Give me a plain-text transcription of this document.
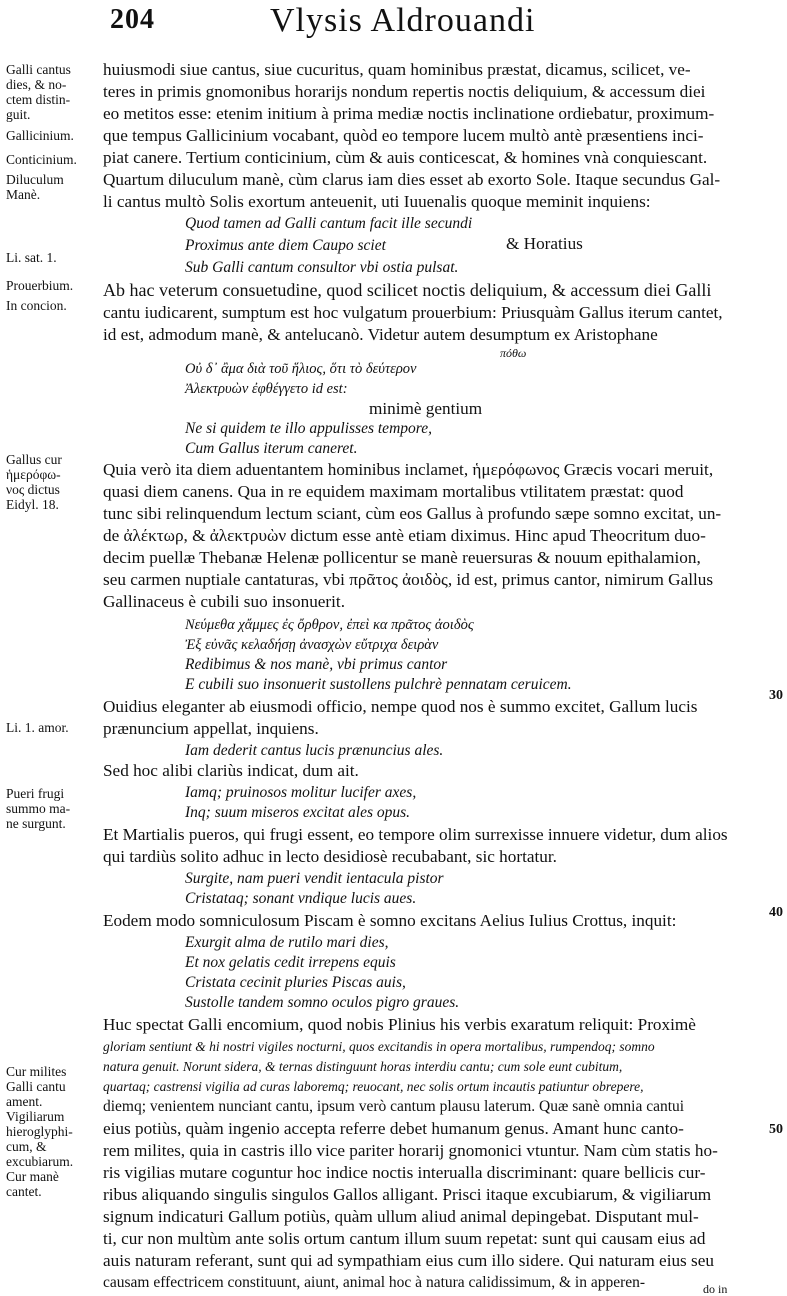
204	Vlysis Aldrouandi
Galli cantus
dies, & no-
ctem distin-
guit.
Gallicinium.
Conticinium.
Diluculum
Manè.
Li. sat. 1.
Prouerbium.
In concion.
Gallus cur
ἡμερόφω-
νος dictus
Eidyl. 18.
Li. 1. amor.
Pueri frugi
summo ma-
ne surgunt.
Cur milites
Galli cantu
ament.
Vigiliarum
hieroglyphi-
cum, &
excubiarum.
Cur manè
cantet.
30
40
50
huiusmodi siue cantus, siue cucuritus, quam hominibus præstat, dicamus, scilicet, ve-
teres in primis gnomonibus horarijs nondum repertis noctis deliquium, & accessum diei
eo metitos esse: etenim initium à prima mediæ noctis inclinatione ordiebatur, proximum-
que tempus Gallicinium vocabant, quòd eo tempore lucem multò antè præsentiens inci-
piat canere. Tertium conticinium, cùm & auis conticescat, & homines vnà conquiescant.
Quartum diluculum manè, cùm clarus iam dies esset ab exorto Sole. Itaque secundus Gal-
li cantus multò Solis exortum anteuenit, uti Iuuenalis quoque meminit inquiens:
Quod tamen ad Galli cantum facit ille secundi
Proximus ante diem Caupo sciet	& Horatius
Sub Galli cantum consultor vbi ostia pulsat.
Ab hac veterum consuetudine, quod scilicet noctis deliquium, & accessum diei Galli
cantu iudicarent, sumptum est hoc vulgatum prouerbium: Priusquàm Gallus iterum cantet,
id est, admodum manè, & antelucanò. Videtur autem desumptum ex Aristophane
πόθω
Οὐ δ᾽ ἂμα διὰ τοῦ ἥλιος, ὅτι τὸ δεύτερον
Ἀλεκτρυὼν ἐφθέγγετο id est:
minimè gentium
Ne si quidem te illo appulisses tempore,
Cum Gallus iterum caneret.
Quia verò ita diem aduentantem hominibus inclamet, ἡμερόφωνος Græcis vocari meruit,
quasi diem canens. Qua in re equidem maximam mortalibus vtilitatem præstat: quod
tunc sibi relinquendum lectum sciant, cùm eos Gallus à profundo sæpe somno excitat, un-
de ἀλέκτωρ, & ἀλεκτρυὼν dictum esse antè etiam diximus. Hinc apud Theocritum duo-
decim puellæ Thebanæ Helenæ pollicentur se manè reuersuras & nouum epithalamion,
seu carmen nuptiale cantaturas, vbi πρᾶτος ἀοιδὸς, id est, primus cantor, nimirum Gallus
Gallinaceus è cubili suo insonuerit.
Νεύμεθα χἄμμες ἐς ὄρθρον, ἐπεὶ κα πρᾶτος ἀοιδὸς
Ἐξ εὐνᾶς κελαδήσῃ ἀνασχὼν εὔτριχα δειρὰν
Redibimus & nos manè, vbi primus cantor
E cubili suo insonuerit sustollens pulchrè pennatam ceruicem.
Ouidius eleganter ab eiusmodi officio, nempe quod nos è summo excitet, Gallum lucis
prænuncium appellat, inquiens.
Iam dederit cantus lucis prænuncius ales.
Sed hoc alibi clariùs indicat, dum ait.
Iamq; pruinosos molitur lucifer axes,
Inq; suum miseros excitat ales opus.
Et Martialis pueros, qui frugi essent, eo tempore olim surrexisse innuere videtur, dum alios
qui tardiùs solito adhuc in lecto desidiosè recubabant, sic hortatur.
Surgite, nam pueri vendit ientacula pistor
Cristataq; sonant vndique lucis aues.
Eodem modo somniculosum Piscam è somno excitans Aelius Iulius Crottus, inquit:
Exurgit alma de rutilo mari dies,
Et nox gelatis cedit irrepens equis
Cristata cecinit pluries Piscas auis,
Sustolle tandem somno oculos pigro graues.
Huc spectat Galli encomium, quod nobis Plinius his verbis exaratum reliquit: Proximè
gloriam sentiunt & hi nostri vigiles nocturni, quos excitandis in opera mortalibus, rumpendoq; somno
natura genuit. Norunt sidera, & ternas distinguunt horas interdiu cantu; cum sole eunt cubitum,
quartaq; castrensi vigilia ad curas laboremq; reuocant, nec solis ortum incautis patiuntur obrepere,
diemq; venientem nunciant cantu, ipsum verò cantum plausu laterum. Quæ sanè omnia cantui
eius potiùs, quàm ingenio accepta referre debet humanum genus. Amant hunc canto-
rem milites, quia in castris illo vice pariter horarij gnomonici vtuntur. Nam cùm statis ho-
ris vigilias mutare coguntur hoc indice noctis interualla discriminant: quare bellicis cur-
ribus aliquando singulis singulos Gallos alligant. Prisci itaque excubiarum, & vigiliarum
signum indicaturi Gallum potiùs, quàm ullum aliud animal depingebat. Disputant mul-
ti, cur non multùm ante solis ortum cantum illum suum repetat: sunt qui causam eius ad
auis naturam referant, sunt qui ad sympathiam eius cum illo sidere. Qui naturam eius seu
causam effectricem constituunt, aiunt, animal hoc à natura calidissimum, & in apperen-	do in
